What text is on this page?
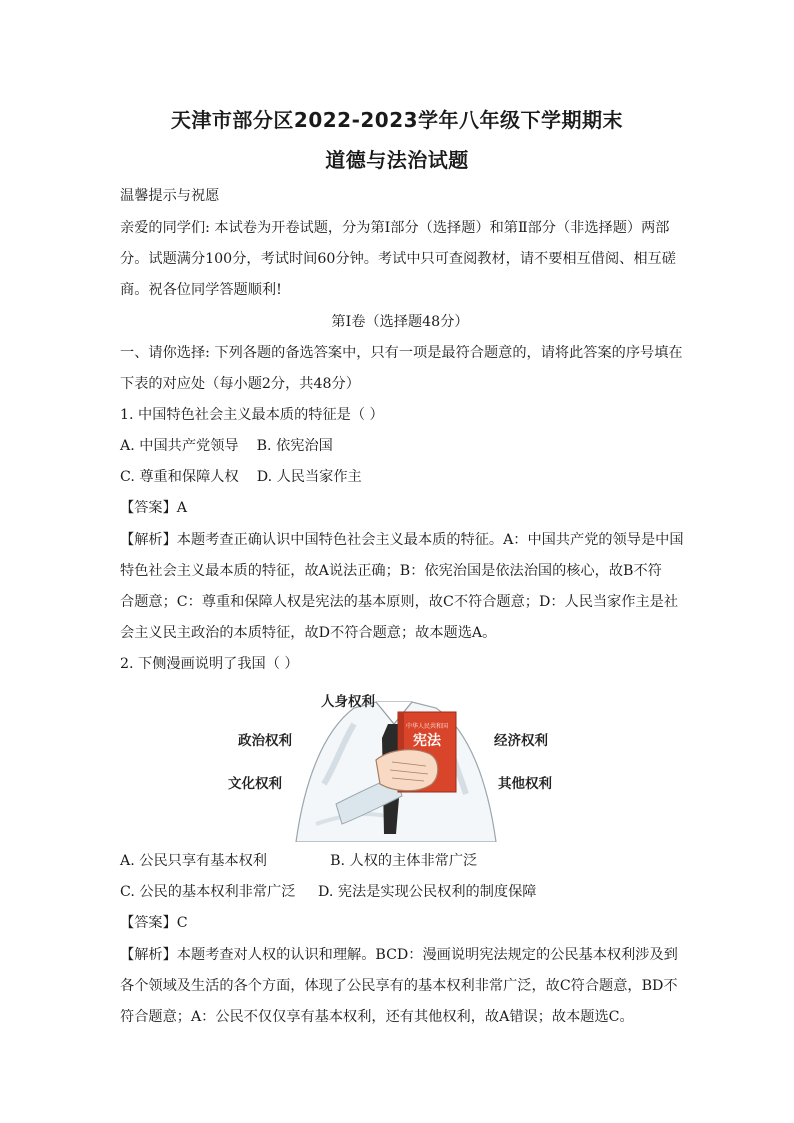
天津市部分区2022-2023学年八年级下学期期末
道德与法治试题
温馨提示与祝愿
亲爱的同学们: 本试卷为开卷试题，分为第Ⅰ部分（选择题）和第Ⅱ部分（非选择题）两部
分。试题满分100分，考试时间60分钟。考试中只可查阅教材，请不要相互借阅、相互磋
商。祝各位同学答题顺利!
第Ⅰ卷（选择题48分）
一、请你选择: 下列各题的备选答案中，只有一项是最符合题意的，请将此答案的序号填在
下表的对应处（每小题2分，共48分）
1. 中国特色社会主义最本质的特征是（ ）
A. 中国共产党领导    B. 依宪治国
C. 尊重和保障人权    D. 人民当家作主
【答案】A
【解析】本题考查正确认识中国特色社会主义最本质的特征。A：中国共产党的领导是中国
特色社会主义最本质的特征，故A说法正确；B：依宪治国是依法治国的核心，故B不符
合题意；C：尊重和保障人权是宪法的基本原则，故C不符合题意；D：人民当家作主是社
会主义民主政治的本质特征，故D不符合题意；故本题选A。
2. 下侧漫画说明了我国（ ）
中华人民共和国
宪法
人身权利
政治权利
文化权利
经济权利
其他权利
A. 公民只享有基本权利              B. 人权的主体非常广泛
C. 公民的基本权利非常广泛     D. 宪法是实现公民权利的制度保障
【答案】C
【解析】本题考查对人权的认识和理解。BCD：漫画说明宪法规定的公民基本权利涉及到
各个领域及生活的各个方面，体现了公民享有的基本权利非常广泛，故C符合题意，BD不
符合题意；A：公民不仅仅享有基本权利，还有其他权利，故A错误；故本题选C。
